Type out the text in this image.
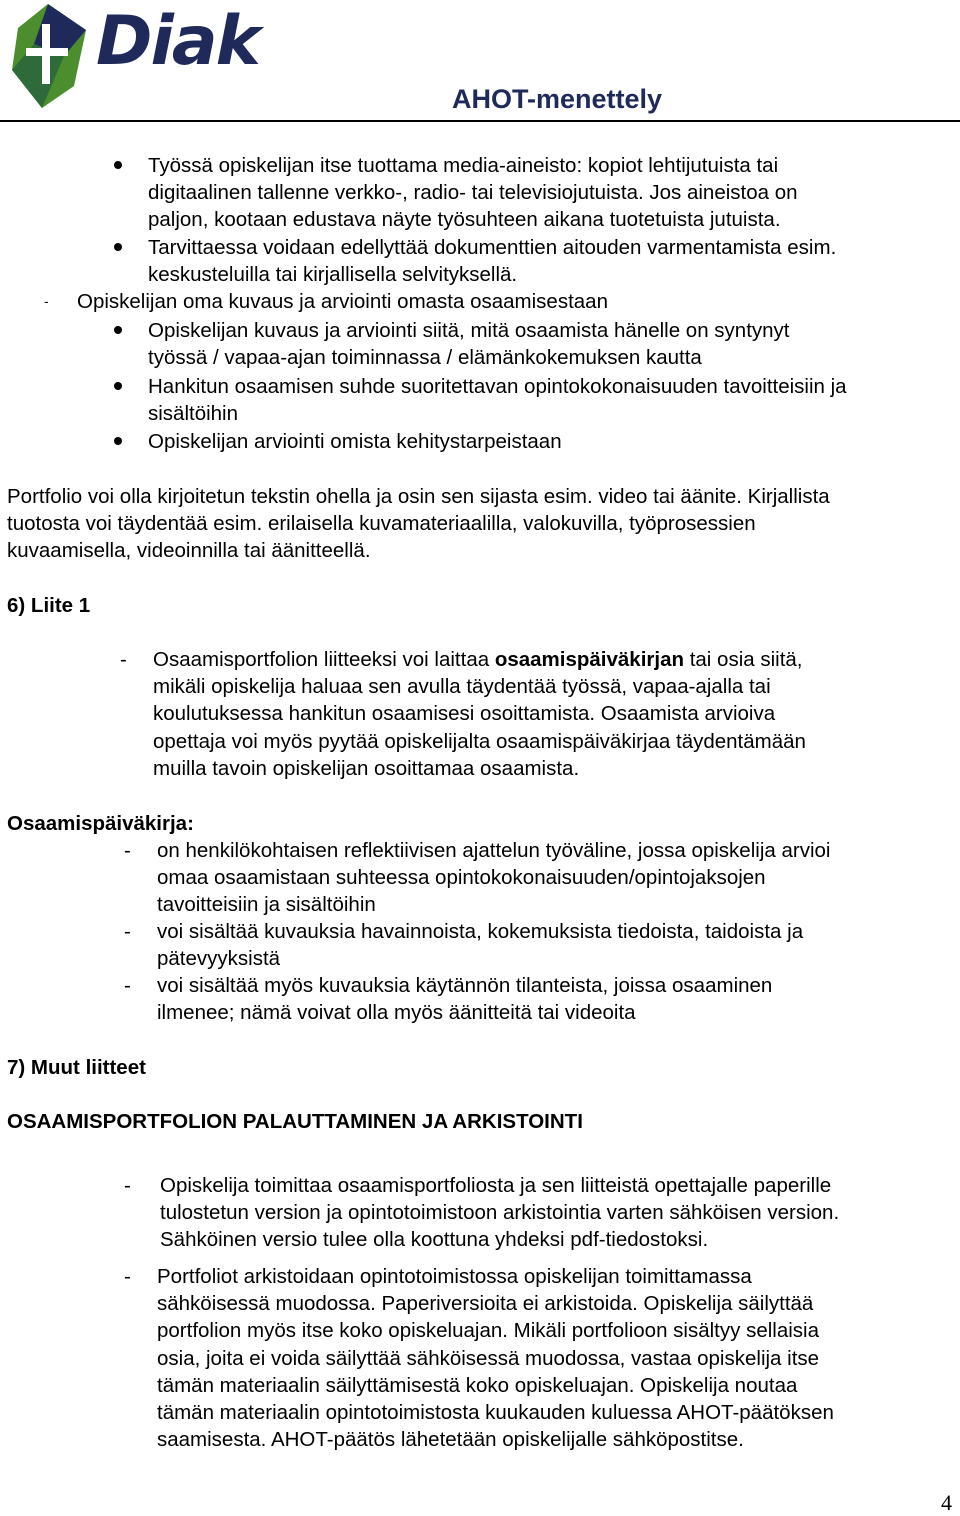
Diak
AHOT-menettely
Työssä opiskelijan itse tuottama media-aineisto: kopiot lehtijutuista tai
digitaalinen tallenne verkko-, radio- tai televisiojutuista. Jos aineistoa on
paljon, kootaan edustava näyte työsuhteen aikana tuotetuista jutuista.
Tarvittaessa voidaan edellyttää dokumenttien aitouden varmentamista esim.
keskusteluilla tai kirjallisella selvityksellä.
- Opiskelijan oma kuvaus ja arviointi omasta osaamisestaan
Opiskelijan kuvaus ja arviointi siitä, mitä osaamista hänelle on syntynyt
työssä / vapaa-ajan toiminnassa / elämänkokemuksen kautta
Hankitun osaamisen suhde suoritettavan opintokokonaisuuden tavoitteisiin ja
sisältöihin
Opiskelijan arviointi omista kehitystarpeistaan
Portfolio voi olla kirjoitetun tekstin ohella ja osin sen sijasta esim. video tai äänite. Kirjallista
tuotosta voi täydentää esim. erilaisella kuvamateriaalilla, valokuvilla, työprosessien
kuvaamisella, videoinnilla tai äänitteellä.
6) Liite 1
- Osaamisportfolion liitteeksi voi laittaa osaamispäiväkirjan tai osia siitä,
mikäli opiskelija haluaa sen avulla täydentää työssä, vapaa-ajalla tai
koulutuksessa hankitun osaamisesi osoittamista. Osaamista arvioiva
opettaja voi myös pyytää opiskelijalta osaamispäiväkirjaa täydentämään
muilla tavoin opiskelijan osoittamaa osaamista.
Osaamispäiväkirja:
- on henkilökohtaisen reflektiivisen ajattelun työväline, jossa opiskelija arvioi
omaa osaamistaan suhteessa opintokokonaisuuden/opintojaksojen
tavoitteisiin ja sisältöihin
- voi sisältää kuvauksia havainnoista, kokemuksista tiedoista, taidoista ja
pätevyyksistä
- voi sisältää myös kuvauksia käytännön tilanteista, joissa osaaminen
ilmenee; nämä voivat olla myös äänitteitä tai videoita
7) Muut liitteet
OSAAMISPORTFOLION PALAUTTAMINEN JA ARKISTOINTI
- Opiskelija toimittaa osaamisportfoliosta ja sen liitteistä opettajalle paperille
tulostetun version ja opintotoimistoon arkistointia varten sähköisen version.
Sähköinen versio tulee olla koottuna yhdeksi pdf-tiedostoksi.
- Portfoliot arkistoidaan opintotoimistossa opiskelijan toimittamassa
sähköisessä muodossa. Paperiversioita ei arkistoida. Opiskelija säilyttää
portfolion myös itse koko opiskeluajan. Mikäli portfolioon sisältyy sellaisia
osia, joita ei voida säilyttää sähköisessä muodossa, vastaa opiskelija itse
tämän materiaalin säilyttämisestä koko opiskeluajan. Opiskelija noutaa
tämän materiaalin opintotoimistosta kuukauden kuluessa AHOT-päätöksen
saamisesta. AHOT-päätös lähetetään opiskelijalle sähköpostitse.
4
